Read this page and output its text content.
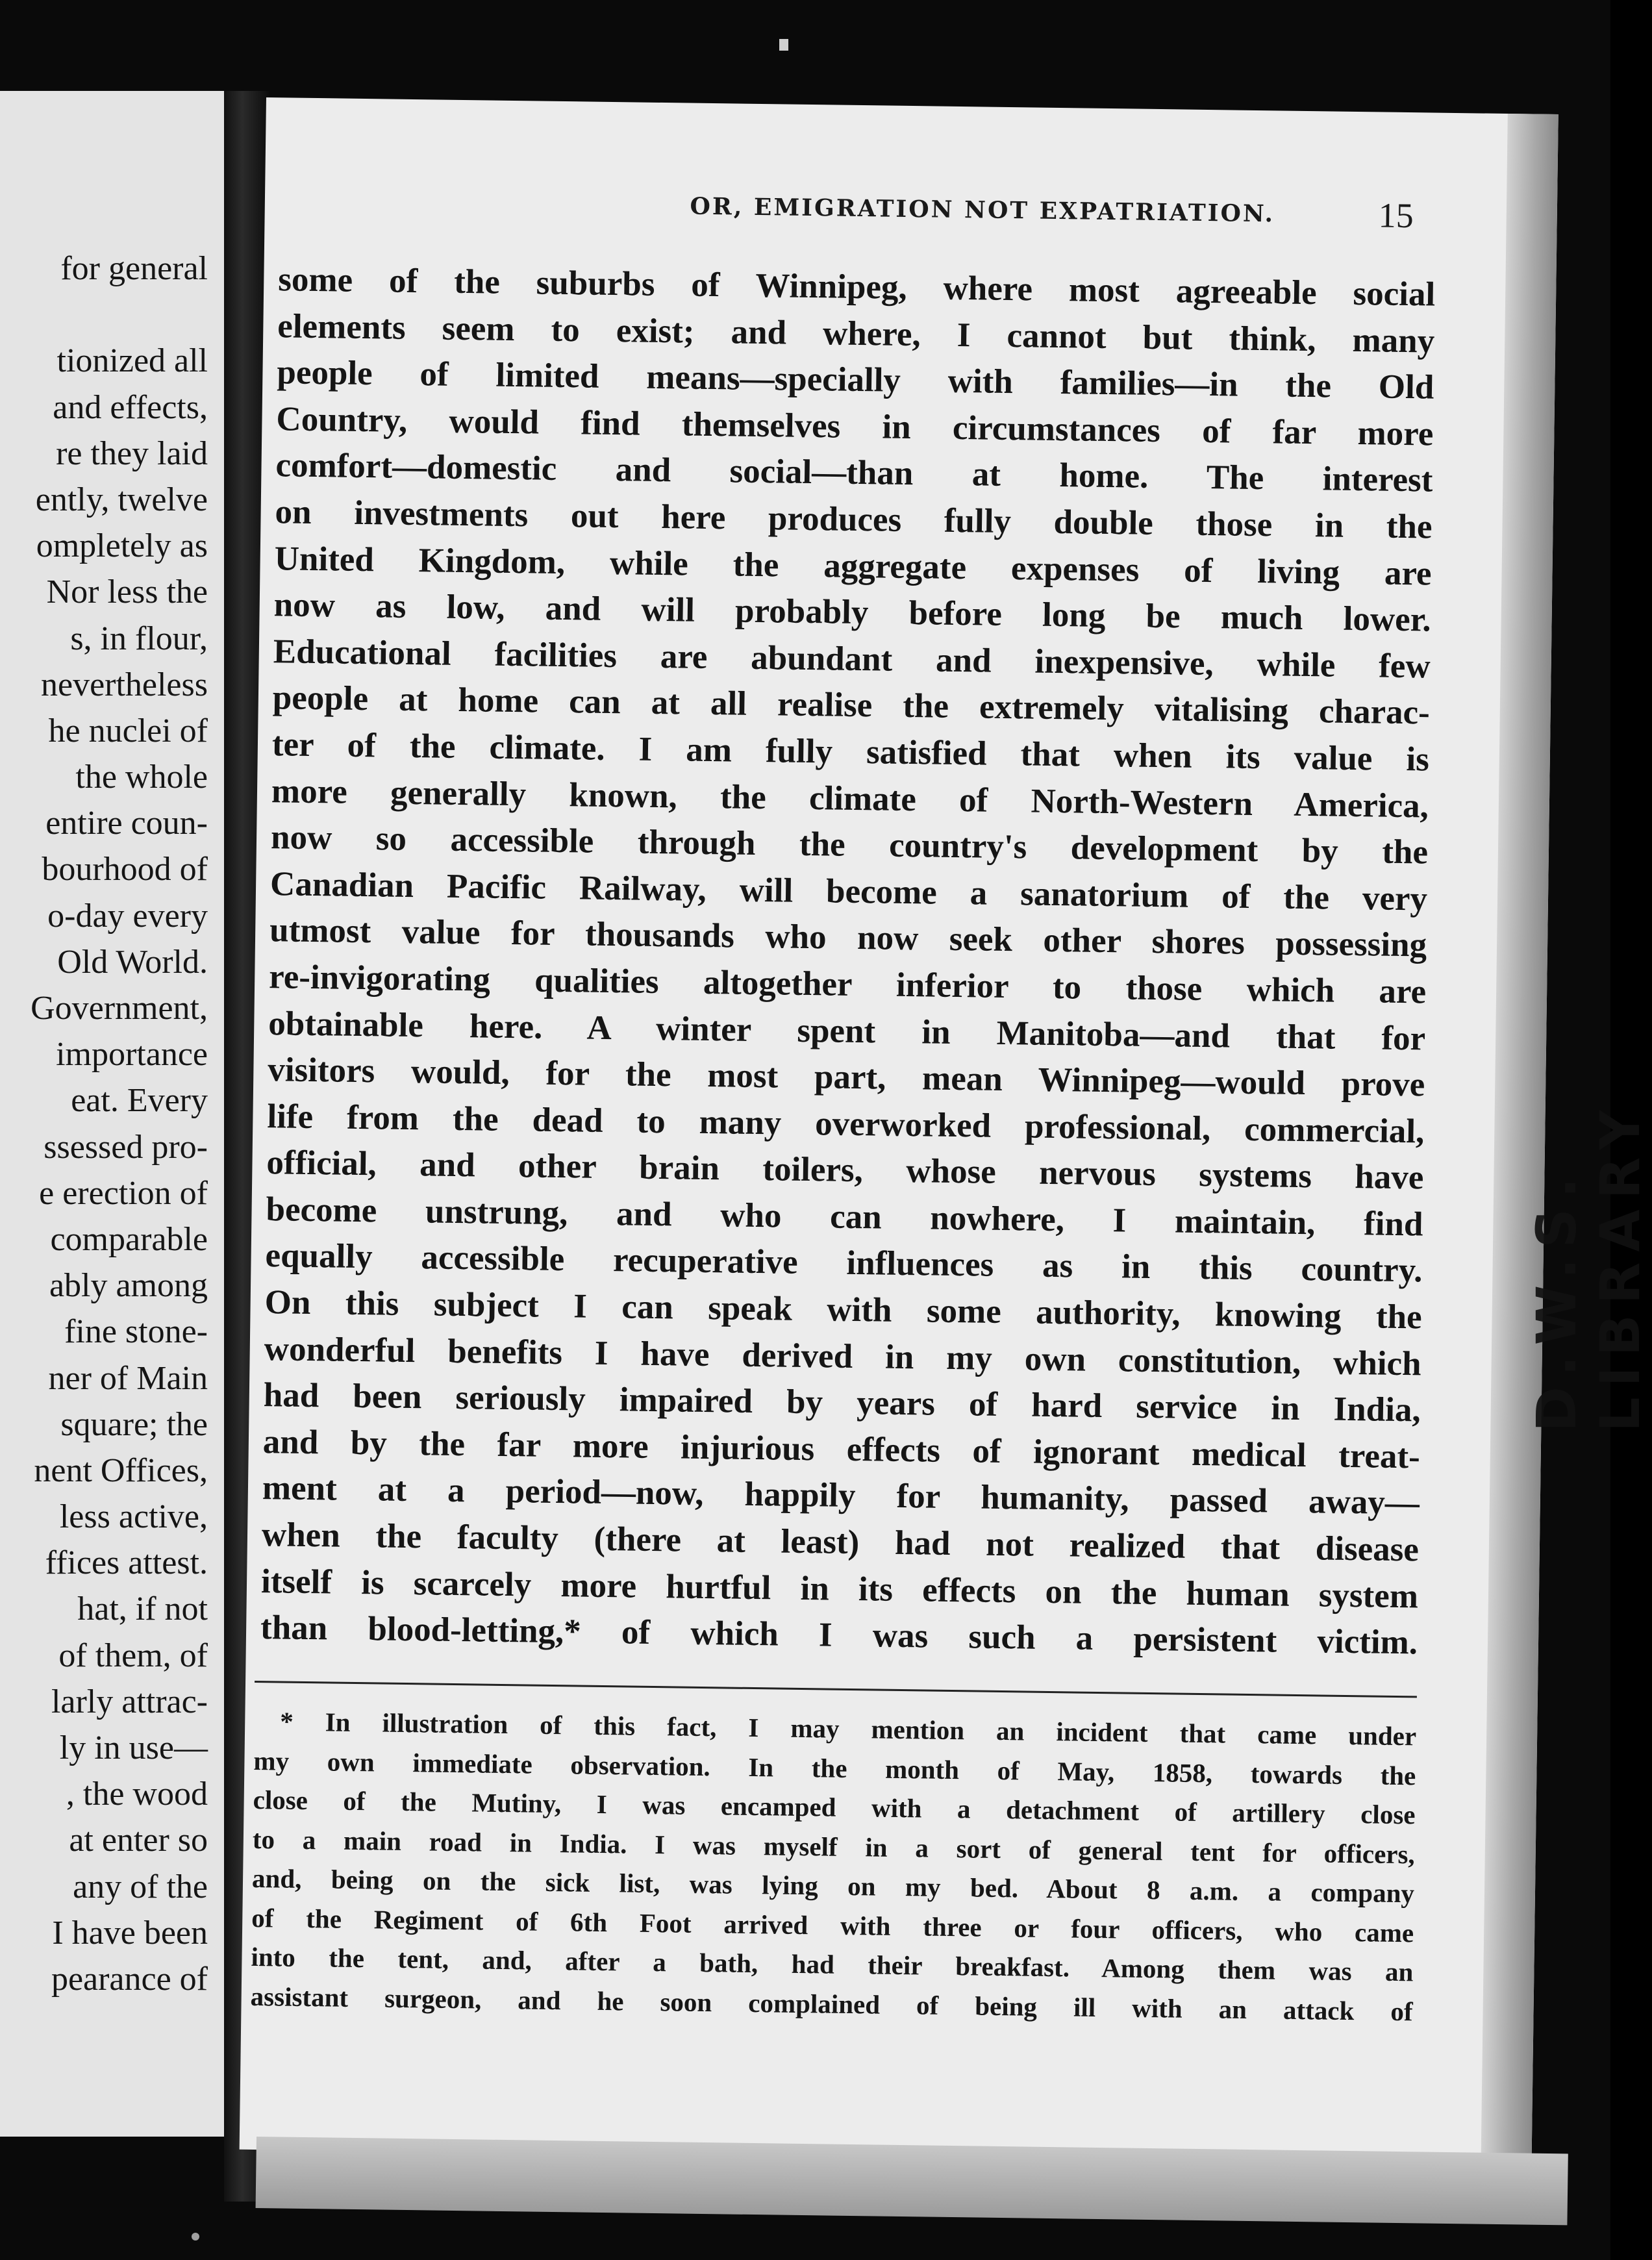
for general
tionized all
and effects,
re they laid
ently, twelve
ompletely as
Nor less the
s, in flour,
nevertheless
he nuclei of
the whole
entire coun-
bourhood of
o-day every
Old World.
Government,
importance
eat. Every
ssessed pro-
e erection of
comparable
ably among
fine stone-
ner of Main
square; the
nent Offices,
less active,
ffices attest.
hat, if not
of them, of
larly attrac-
ly in use—
, the wood
at enter so
any of the
I have been
pearance of
OR, EMIGRATION NOT EXPATRIATION.	15
some of the suburbs of Winnipeg, where most agreeable social
elements seem to exist; and where, I cannot but think, many
people of limited means—specially with families—in the Old
Country, would find themselves in circumstances of far more
comfort—domestic and social—than at home. The interest
on investments out here produces fully double those in the
United Kingdom, while the aggregate expenses of living are
now as low, and will probably before long be much lower.
Educational facilities are abundant and inexpensive, while few
people at home can at all realise the extremely vitalising charac-
ter of the climate. I am fully satisfied that when its value is
more generally known, the climate of North-Western America,
now so accessible through the country's development by the
Canadian Pacific Railway, will become a sanatorium of the very
utmost value for thousands who now seek other shores possessing
re-invigorating qualities altogether inferior to those which are
obtainable here. A winter spent in Manitoba—and that for
visitors would, for the most part, mean Winnipeg—would prove
life from the dead to many overworked professional, commercial,
official, and other brain toilers, whose nervous systems have
become unstrung, and who can nowhere, I maintain, find
equally accessible recuperative influences as in this country.
On this subject I can speak with some authority, knowing the
wonderful benefits I have derived in my own constitution, which
had been seriously impaired by years of hard service in India,
and by the far more injurious effects of ignorant medical treat-
ment at a period—now, happily for humanity, passed away—
when the faculty (there at least) had not realized that disease
itself is scarcely more hurtful in its effects on the human system
than blood-letting,* of which I was such a persistent victim.
* In illustration of this fact, I may mention an incident that came under
my own immediate observation. In the month of May, 1858, towards the
close of the Mutiny, I was encamped with a detachment of artillery close
to a main road in India. I was myself in a sort of general tent for officers,
and, being on the sick list, was lying on my bed. About 8 a.m. a company
of the Regiment of 6th Foot arrived with three or four officers, who came
into the tent, and, after a bath, had their breakfast. Among them was an
assistant surgeon, and he soon complained of being ill with an attack of
D.W.S. LIBRARY
